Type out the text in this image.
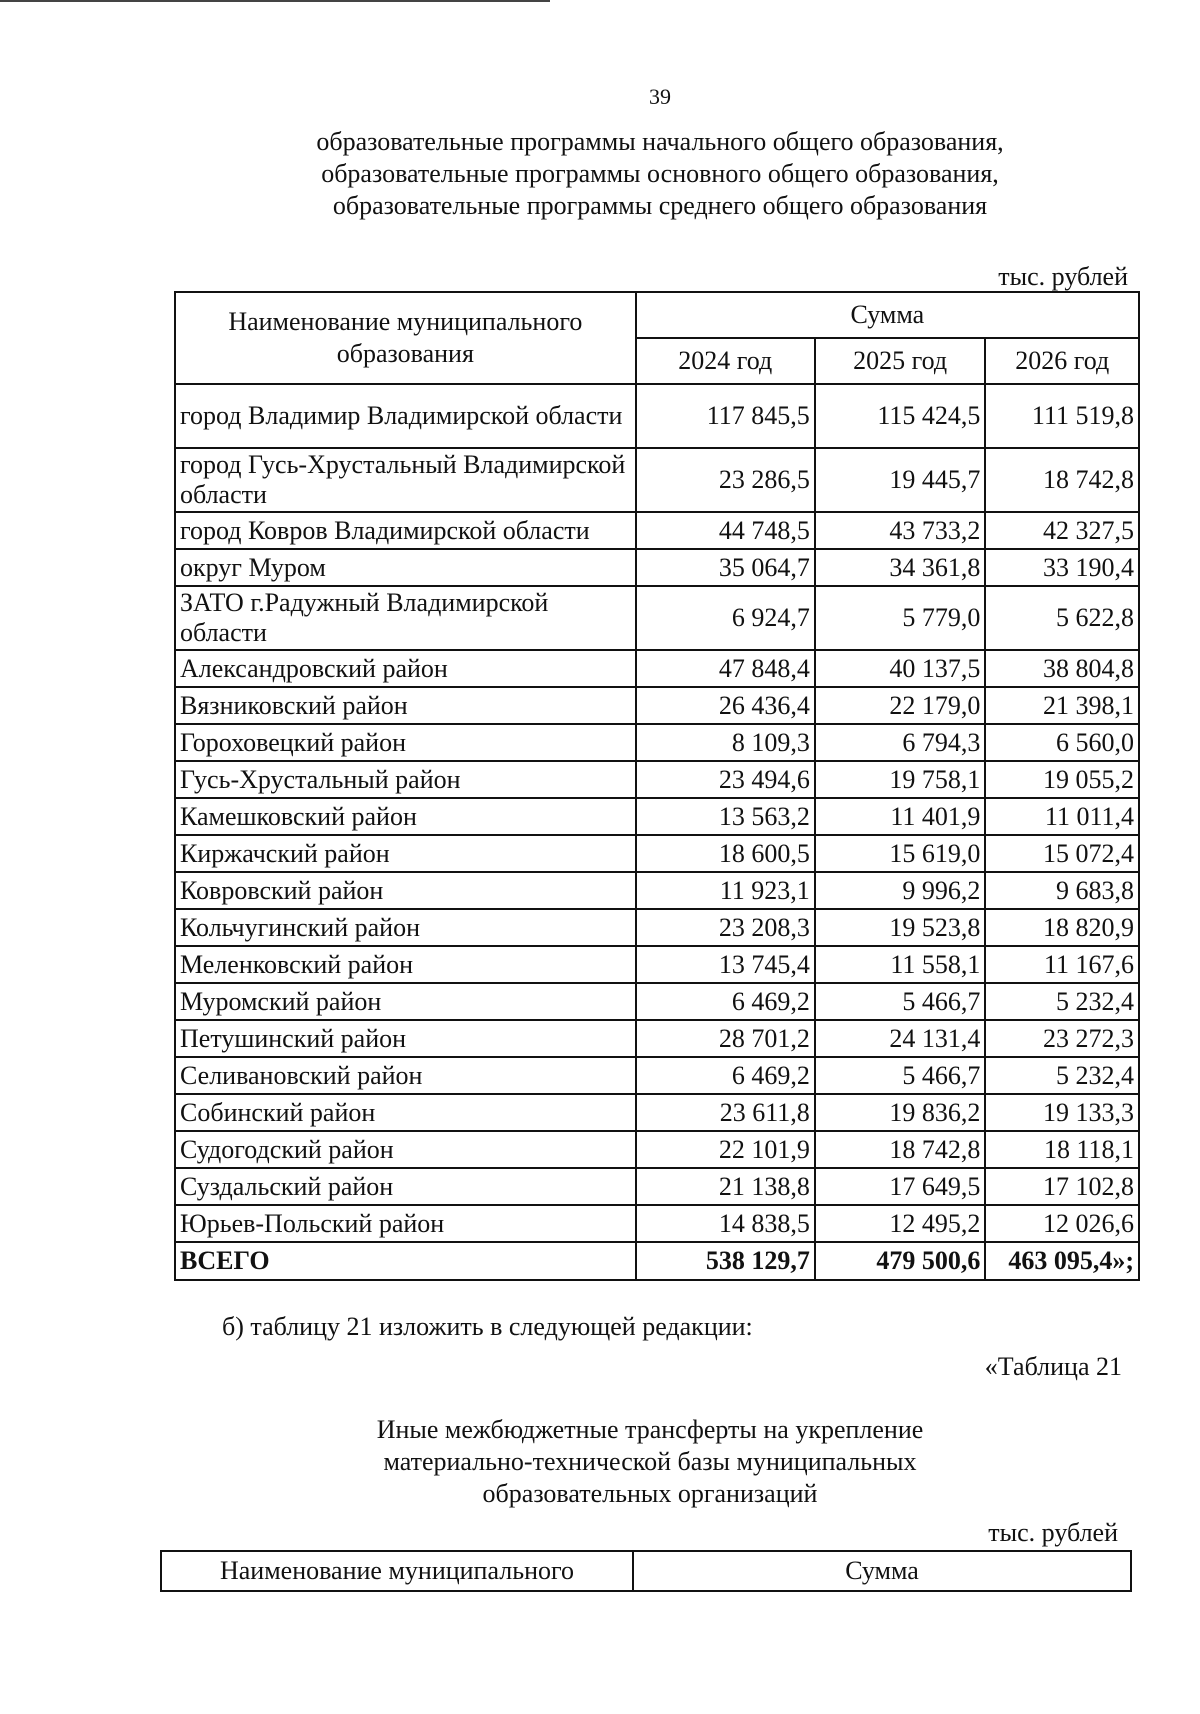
39
образовательные программы начального общего образования,
образовательные программы основного общего образования,
образовательные программы среднего общего образования
тыс. рублей
Наименование муниципального
образования	Сумма		
	2024 год	2025 год	2026 год
город Владимир Владимирской области	117 845,5	115 424,5	111 519,8
город Гусь-Хрустальный Владимирской области	23 286,5	19 445,7	18 742,8
город Ковров Владимирской области	44 748,5	43 733,2	42 327,5
округ Муром	35 064,7	34 361,8	33 190,4
ЗАТО г.Радужный Владимирской области	6 924,7	5 779,0	5 622,8
Александровский район	47 848,4	40 137,5	38 804,8
Вязниковский район	26 436,4	22 179,0	21 398,1
Гороховецкий район	8 109,3	6 794,3	6 560,0
Гусь-Хрустальный район	23 494,6	19 758,1	19 055,2
Камешковский район	13 563,2	11 401,9	11 011,4
Киржачский район	18 600,5	15 619,0	15 072,4
Ковровский район	11 923,1	9 996,2	9 683,8
Кольчугинский район	23 208,3	19 523,8	18 820,9
Меленковский район	13 745,4	11 558,1	11 167,6
Муромский район	6 469,2	5 466,7	5 232,4
Петушинский район	28 701,2	24 131,4	23 272,3
Селивановский район	6 469,2	5 466,7	5 232,4
Собинский район	23 611,8	19 836,2	19 133,3
Судогодский район	22 101,9	18 742,8	18 118,1
Суздальский район	21 138,8	17 649,5	17 102,8
Юрьев-Польский район	14 838,5	12 495,2	12 026,6
ВСЕГО	538 129,7	479 500,6	463 095,4»;
б) таблицу 21 изложить в следующей редакции:
«Таблица 21
Иные межбюджетные трансферты на укрепление
материально-технической базы муниципальных
образовательных организаций
тыс. рублей
Наименование муниципального	Сумма
